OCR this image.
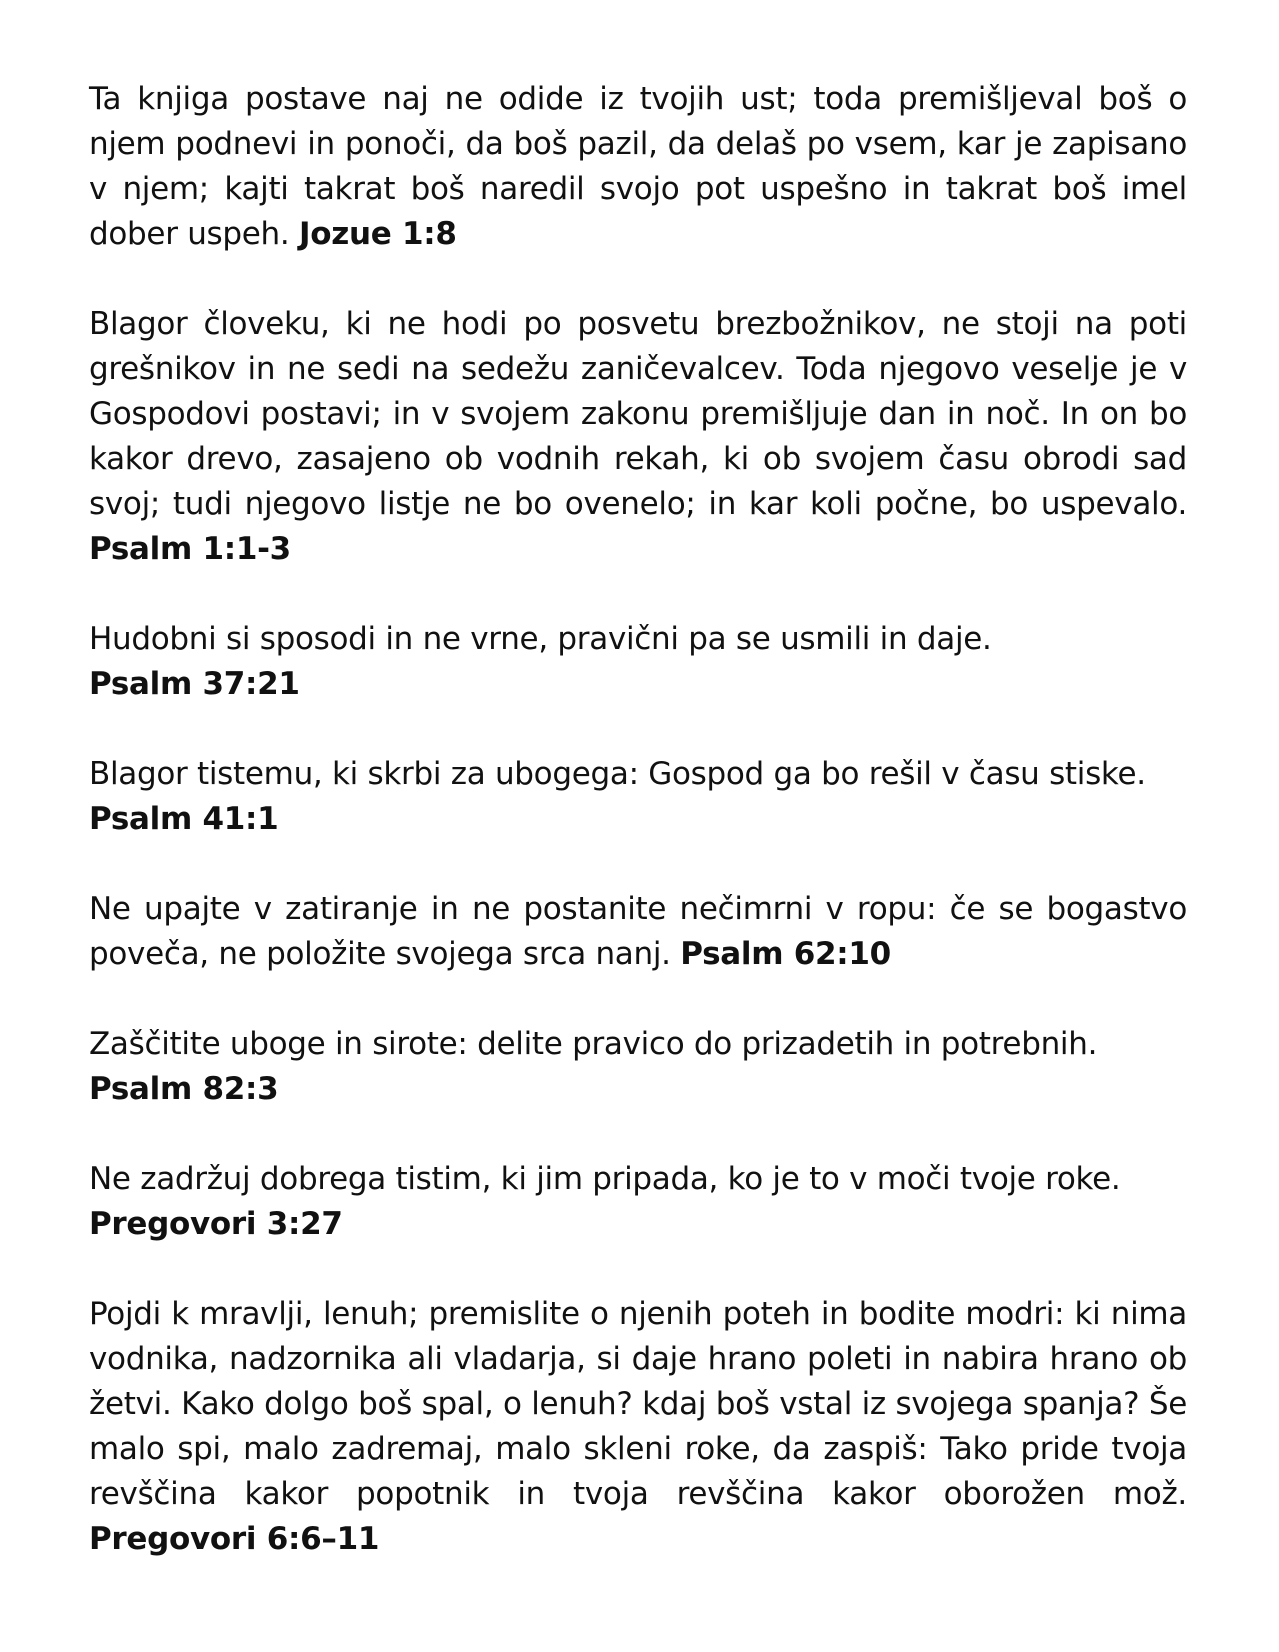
Ta knjiga postave naj ne odide iz tvojih ust; toda premišljeval boš o njem podnevi in ponoči, da boš pazil, da delaš po vsem, kar je zapisano v njem; kajti takrat boš naredil svojo pot uspešno in takrat boš imel dober uspeh. Jozue 1:8

Blagor človeku, ki ne hodi po posvetu brezbožnikov, ne stoji na poti grešnikov in ne sedi na sedežu zaničevalcev. Toda njegovo veselje je v Gospodovi postavi; in v svojem zakonu premišljuje dan in noč. In on bo kakor drevo, zasajeno ob vodnih rekah, ki ob svojem času obrodi sad svoj; tudi njegovo listje ne bo ovenelo; in kar koli počne, bo uspevalo. Psalm 1:1-3

Hudobni si sposodi in ne vrne, pravični pa se usmili in daje.
Psalm 37:21

Blagor tistemu, ki skrbi za ubogega: Gospod ga bo rešil v času stiske.
Psalm 41:1

Ne upajte v zatiranje in ne postanite nečimrni v ropu: če se bogastvo poveča, ne položite svojega srca nanj. Psalm 62:10

Zaščitite uboge in sirote: delite pravico do prizadetih in potrebnih.
Psalm 82:3

Ne zadržuj dobrega tistim, ki jim pripada, ko je to v moči tvoje roke.
Pregovori 3:27

Pojdi k mravlji, lenuh; premislite o njenih poteh in bodite modri: ki nima vodnika, nadzornika ali vladarja, si daje hrano poleti in nabira hrano ob žetvi. Kako dolgo boš spal, o lenuh? kdaj boš vstal iz svojega spanja? Še malo spi, malo zadremaj, malo skleni roke, da zaspiš: Tako pride tvoja revščina kakor popotnik in tvoja revščina kakor oborožen mož. Pregovori 6:6–11
